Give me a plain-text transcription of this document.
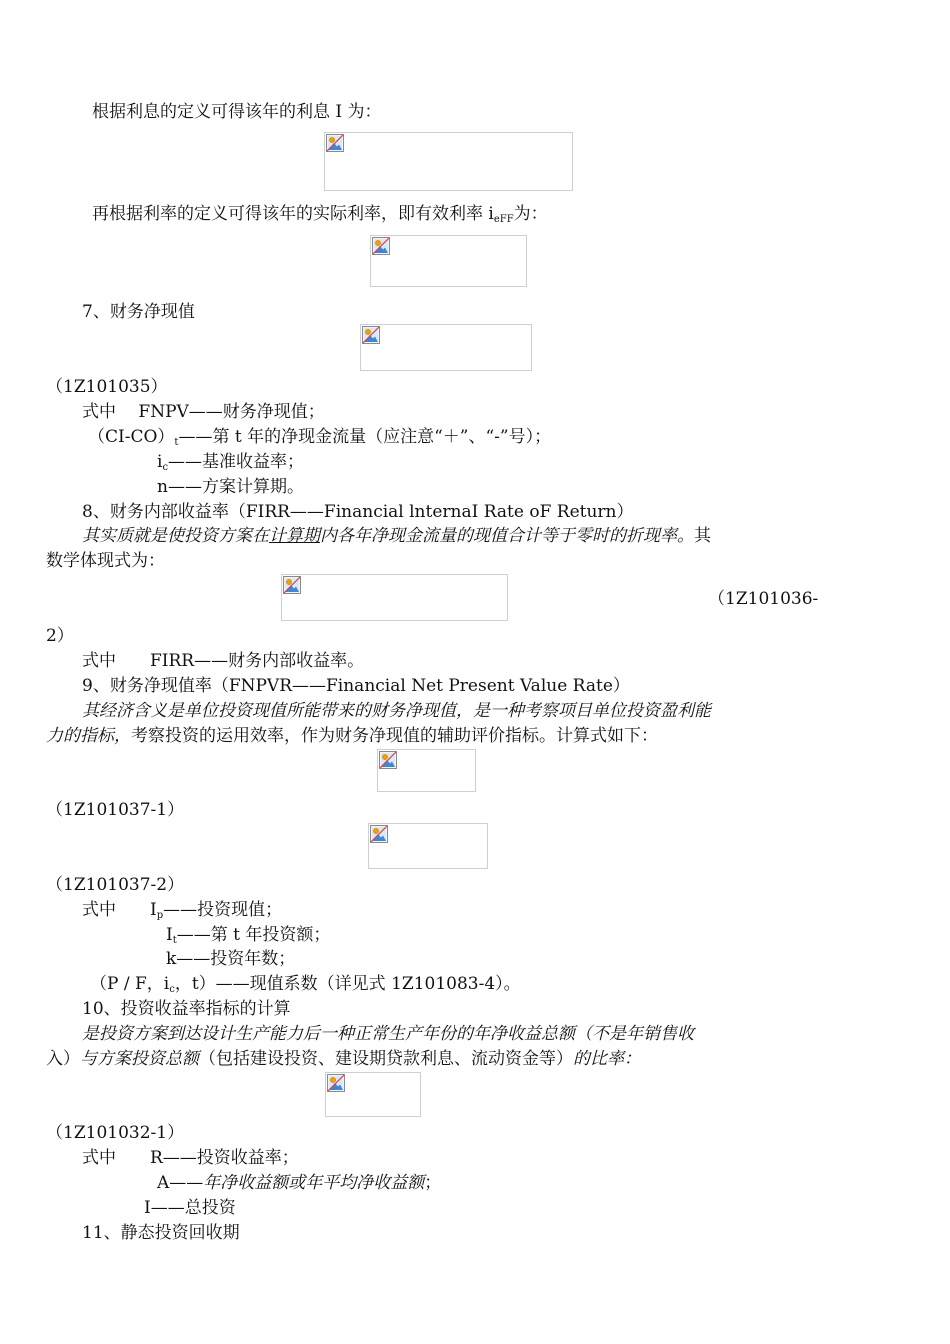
根据利息的定义可得该年的利息 I 为：
再根据利率的定义可得该年的实际利率，即有效利率 $i_{eFF}$为：
7、财务净现值
（1Z101035）
式中　 FNPV——财务净现值；
$(CI-CO)_t——$第 t 年的净现金流量（应注意“＋”、“-”号）；
$i_c——$基准收益率；
n——方案计算期。
8、财务内部收益率（FIRR——Financial lnternaI Rate oF Return）
其实质就是使投资方案在计算期内各年净现金流量的现值合计等于零时的折现率。其
数学体现式为：
（1Z101036-
2）
式中　　FIRR——财务内部收益率。
9、财务净现值率（FNPVR——Financial Net Present Value Rate）
其经济含义是单位投资现值所能带来的财务净现值，是一种考察项目单位投资盈利能
力的指标，考察投资的运用效率，作为财务净现值的辅助评价指标。计算式如下：
（1Z101037-1）
（1Z101037-2）
式中　　$I_p——$投资现值；
$I_t——$第 t 年投资额；
k——投资年数；
（P / F，$i_c$，t）——现值系数（详见式 1Z101083-4）。
10、投资收益率指标的计算
是投资方案到达设计生产能力后一种正常生产年份的年净收益总额（不是年销售收
入）与方案投资总额（包括建设投资、建设期贷款利息、流动资金等）的比率：
（1Z101032-1）
式中　　R——投资收益率；
A——年净收益额或年平均净收益额；
I——总投资
11、静态投资回收期
